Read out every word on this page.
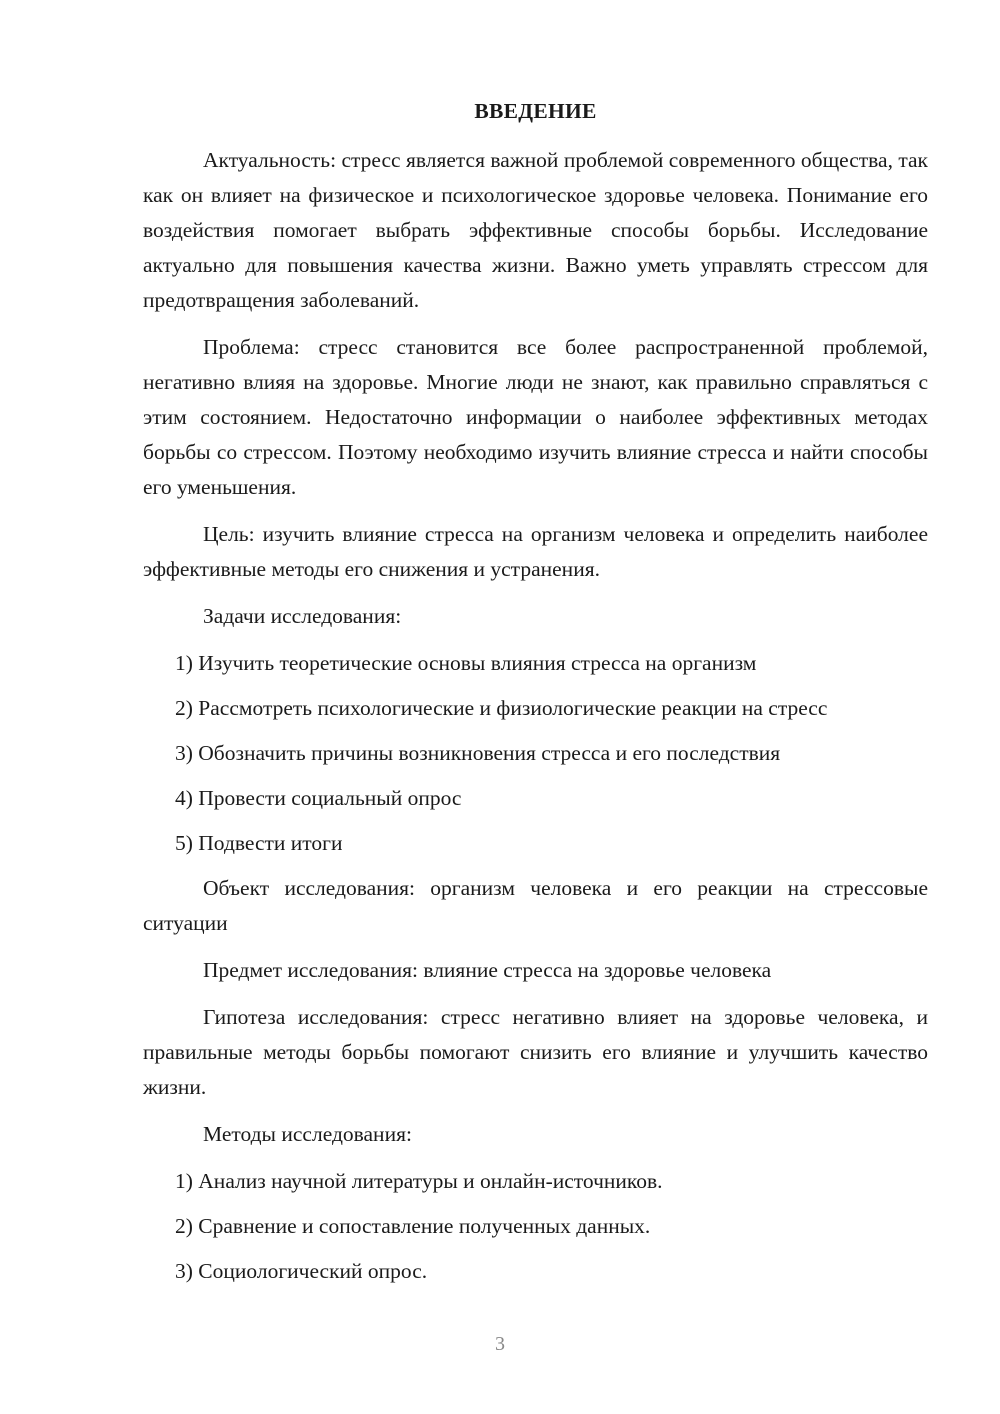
ВВЕДЕНИЕ

Актуальность: стресс является важной проблемой современного общества, так как он влияет на физическое и психологическое здоровье человека. Понимание его воздействия помогает выбрать эффективные способы борьбы. Исследование актуально для повышения качества жизни. Важно уметь управлять стрессом для предотвращения заболеваний.

Проблема: стресс становится все более распространенной проблемой, негативно влияя на здоровье. Многие люди не знают, как правильно справляться с этим состоянием. Недостаточно информации о наиболее эффективных методах борьбы со стрессом. Поэтому необходимо изучить влияние стресса и найти способы его уменьшения.

Цель: изучить влияние стресса на организм человека и определить наиболее эффективные методы его снижения и устранения.

Задачи исследования:

1) Изучить теоретические основы влияния стресса на организм
2) Рассмотреть психологические и физиологические реакции на стресс
3) Обозначить причины возникновения стресса и его последствия
4) Провести социальный опрос
5) Подвести итоги

Объект исследования: организм человека и его реакции на стрессовые ситуации

Предмет исследования: влияние стресса на здоровье человека

Гипотеза исследования: стресс негативно влияет на здоровье человека, и правильные методы борьбы помогают снизить его влияние и улучшить качество жизни.

Методы исследования:

1) Анализ научной литературы и онлайн-источников.
2) Сравнение и сопоставление полученных данных.
3) Социологический опрос.
3
